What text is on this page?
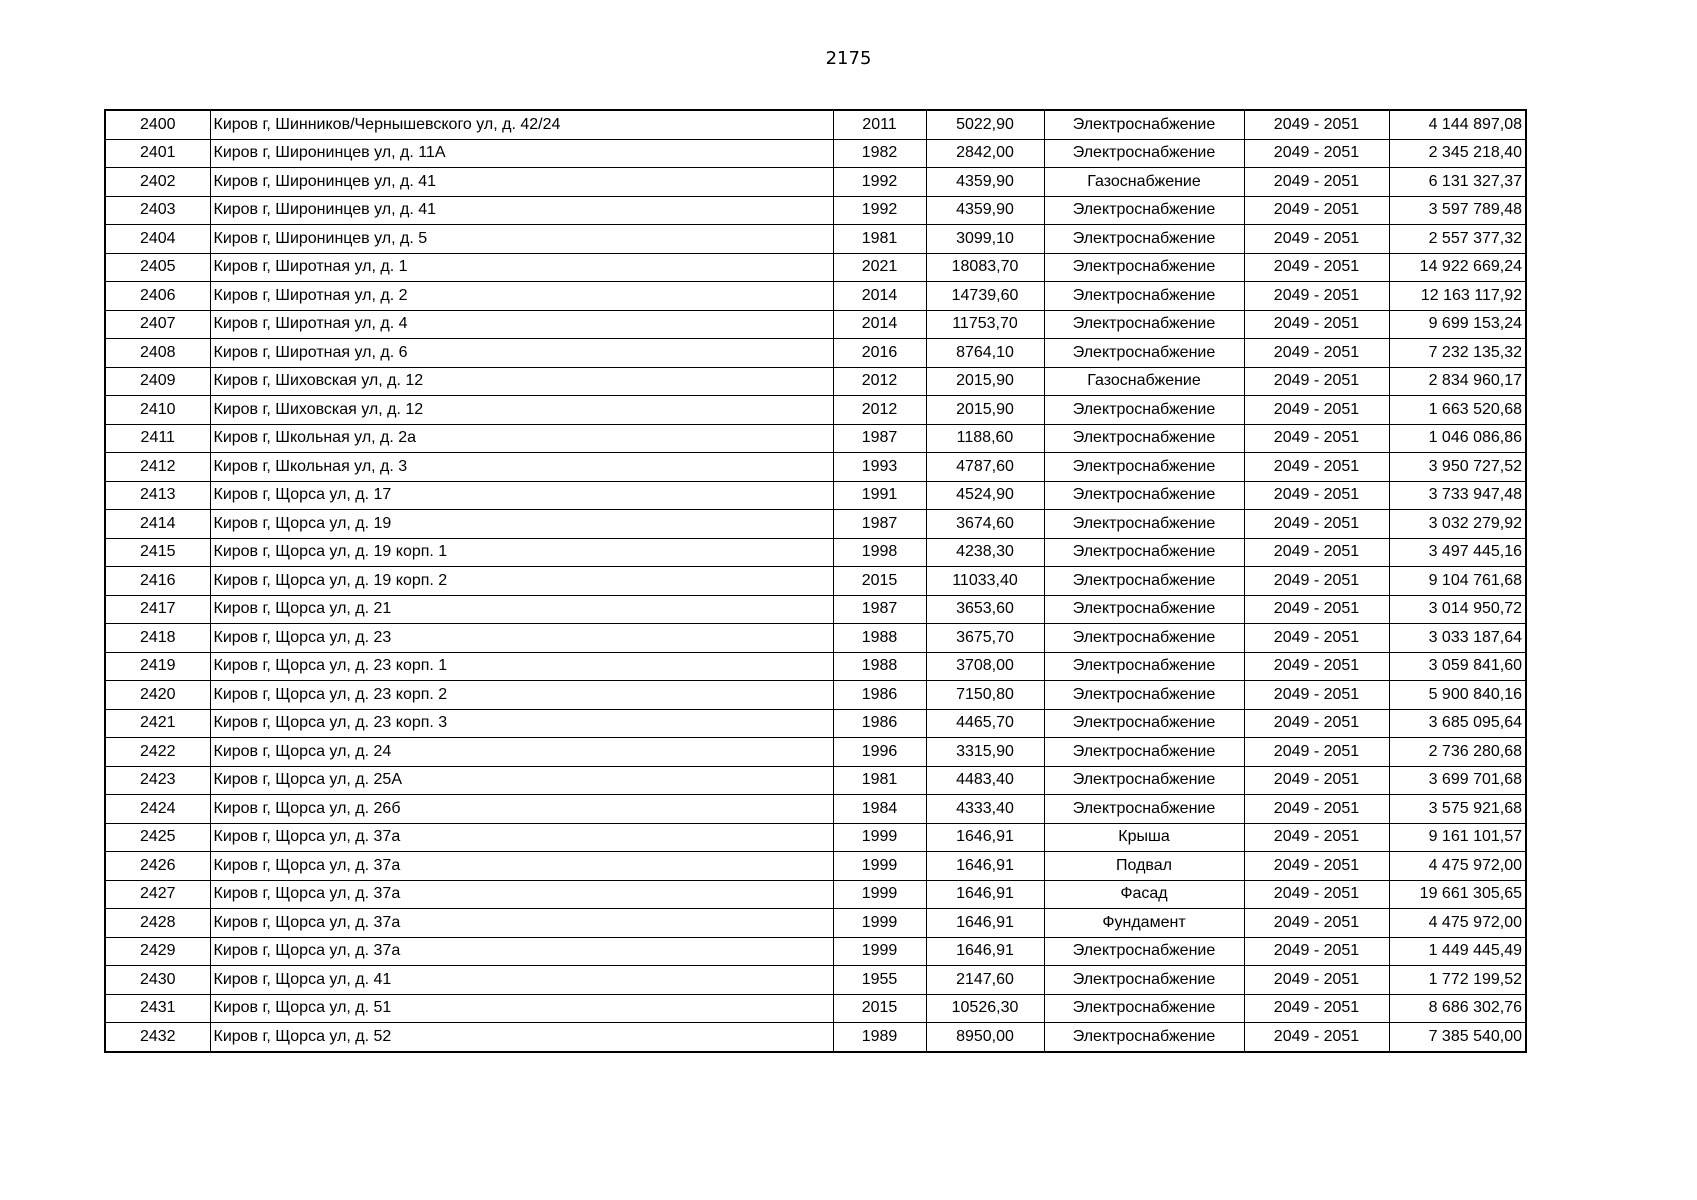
2175
2400	Киров г, Шинников/Чернышевского ул, д. 42/24	2011	5022,90	Электроснабжение	2049 - 2051	4 144 897,08
2401	Киров г, Широнинцев ул, д. 11А	1982	2842,00	Электроснабжение	2049 - 2051	2 345 218,40
2402	Киров г, Широнинцев ул, д. 41	1992	4359,90	Газоснабжение	2049 - 2051	6 131 327,37
2403	Киров г, Широнинцев ул, д. 41	1992	4359,90	Электроснабжение	2049 - 2051	3 597 789,48
2404	Киров г, Широнинцев ул, д. 5	1981	3099,10	Электроснабжение	2049 - 2051	2 557 377,32
2405	Киров г, Широтная ул, д. 1	2021	18083,70	Электроснабжение	2049 - 2051	14 922 669,24
2406	Киров г, Широтная ул, д. 2	2014	14739,60	Электроснабжение	2049 - 2051	12 163 117,92
2407	Киров г, Широтная ул, д. 4	2014	11753,70	Электроснабжение	2049 - 2051	9 699 153,24
2408	Киров г, Широтная ул, д. 6	2016	8764,10	Электроснабжение	2049 - 2051	7 232 135,32
2409	Киров г, Шиховская ул, д. 12	2012	2015,90	Газоснабжение	2049 - 2051	2 834 960,17
2410	Киров г, Шиховская ул, д. 12	2012	2015,90	Электроснабжение	2049 - 2051	1 663 520,68
2411	Киров г, Школьная ул, д. 2а	1987	1188,60	Электроснабжение	2049 - 2051	1 046 086,86
2412	Киров г, Школьная ул, д. 3	1993	4787,60	Электроснабжение	2049 - 2051	3 950 727,52
2413	Киров г, Щорса ул, д. 17	1991	4524,90	Электроснабжение	2049 - 2051	3 733 947,48
2414	Киров г, Щорса ул, д. 19	1987	3674,60	Электроснабжение	2049 - 2051	3 032 279,92
2415	Киров г, Щорса ул, д. 19 корп. 1	1998	4238,30	Электроснабжение	2049 - 2051	3 497 445,16
2416	Киров г, Щорса ул, д. 19 корп. 2	2015	11033,40	Электроснабжение	2049 - 2051	9 104 761,68
2417	Киров г, Щорса ул, д. 21	1987	3653,60	Электроснабжение	2049 - 2051	3 014 950,72
2418	Киров г, Щорса ул, д. 23	1988	3675,70	Электроснабжение	2049 - 2051	3 033 187,64
2419	Киров г, Щорса ул, д. 23 корп. 1	1988	3708,00	Электроснабжение	2049 - 2051	3 059 841,60
2420	Киров г, Щорса ул, д. 23 корп. 2	1986	7150,80	Электроснабжение	2049 - 2051	5 900 840,16
2421	Киров г, Щорса ул, д. 23 корп. 3	1986	4465,70	Электроснабжение	2049 - 2051	3 685 095,64
2422	Киров г, Щорса ул, д. 24	1996	3315,90	Электроснабжение	2049 - 2051	2 736 280,68
2423	Киров г, Щорса ул, д. 25А	1981	4483,40	Электроснабжение	2049 - 2051	3 699 701,68
2424	Киров г, Щорса ул, д. 26б	1984	4333,40	Электроснабжение	2049 - 2051	3 575 921,68
2425	Киров г, Щорса ул, д. 37а	1999	1646,91	Крыша	2049 - 2051	9 161 101,57
2426	Киров г, Щорса ул, д. 37а	1999	1646,91	Подвал	2049 - 2051	4 475 972,00
2427	Киров г, Щорса ул, д. 37а	1999	1646,91	Фасад	2049 - 2051	19 661 305,65
2428	Киров г, Щорса ул, д. 37а	1999	1646,91	Фундамент	2049 - 2051	4 475 972,00
2429	Киров г, Щорса ул, д. 37а	1999	1646,91	Электроснабжение	2049 - 2051	1 449 445,49
2430	Киров г, Щорса ул, д. 41	1955	2147,60	Электроснабжение	2049 - 2051	1 772 199,52
2431	Киров г, Щорса ул, д. 51	2015	10526,30	Электроснабжение	2049 - 2051	8 686 302,76
2432	Киров г, Щорса ул, д. 52	1989	8950,00	Электроснабжение	2049 - 2051	7 385 540,00
